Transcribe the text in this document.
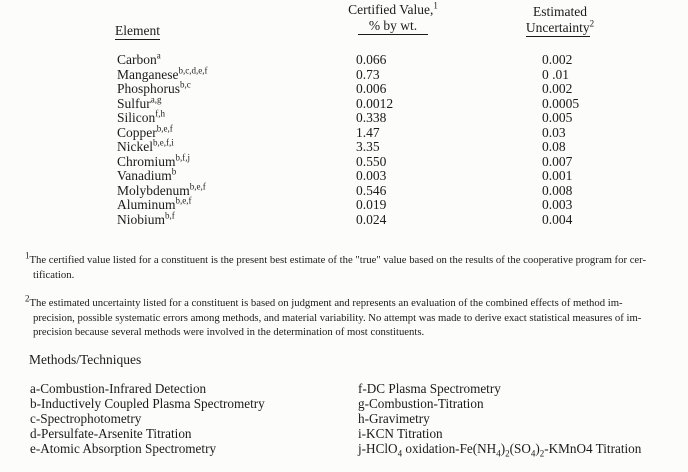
Element
Certified Value,$^1$
% by wt.
Estimated
Uncertainty$^2$
Carbon$^a$	0.066	0.002
Manganese$^{b,c,d,e,f}$	0.73	0 .01
Phosphorus$^{b,c}$	0.006	0.002
Sulfur$^{a,g}$	0.0012	0.0005
Silicon$^{f,h}$	0.338	0.005
Copper$^{b,e,f}$	1.47	0.03
Nickel$^{b,e,f,i}$	3.35	0.08
Chromium$^{b,f,j}$	0.550	0.007
Vanadium$^b$	0.003	0.001
Molybdenum$^{b,e,f}$	0.546	0.008
Aluminum$^{b,e,f}$	0.019	0.003
Niobium$^{b,f}$	0.024	0.004
$^1$The certified value listed for a constituent is the present best estimate of the "true" value based on the results of the cooperative program for cer-
tification.
$^2$The estimated uncertainty listed for a constituent is based on judgment and represents an evaluation of the combined effects of method im-
precision, possible systematic errors among methods, and material variability. No attempt was made to derive exact statistical measures of im-
precision because several methods were involved in the determination of most constituents.
Methods/Techniques
a-Combustion-Infrared Detection
b-Inductively Coupled Plasma Spectrometry
c-Spectrophotometry
d-Persulfate-Arsenite Titration
e-Atomic Absorption Spectrometry
f-DC Plasma Spectrometry
g-Combustion-Titration
h-Gravimetry
i-KCN Titration
j-HClO$_4$ oxidation-$Fe(NH_4)_2(SO_4)_2-KMnO4$ Titration
